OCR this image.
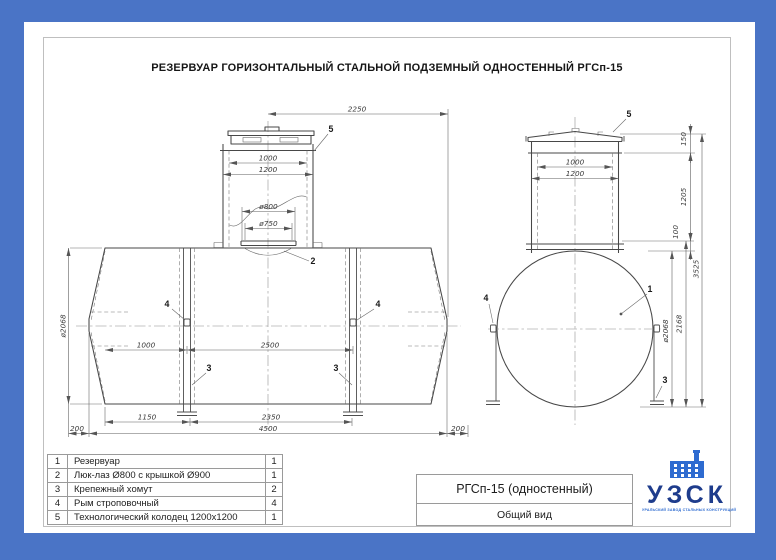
РЕЗЕРВУАР ГОРИЗОНТАЛЬНЫЙ СТАЛЬНОЙ ПОДЗЕМНЫЙ ОДНОСТЕННЫЙ РГСп-15
2250
1000
1200
ø800
ø750
ø2068
1000	2500
1150	2350
4500
200	200
5
2
4	4
3	3
150
1000
1200
1205
100
2168
ø2068
3525
5
1
4
3
1	Резервуар	1
2	Люк-лаз Ø800 с крышкой Ø900	1
3	Крепежный хомут	2
4	Рым строповочный	4
5	Технологический колодец 1200x1200	1
РГСп-15 (одностенный)
Общий вид
УЗСК
УРАЛЬСКИЙ ЗАВОД СТАЛЬНЫХ КОНСТРУКЦИЙ
